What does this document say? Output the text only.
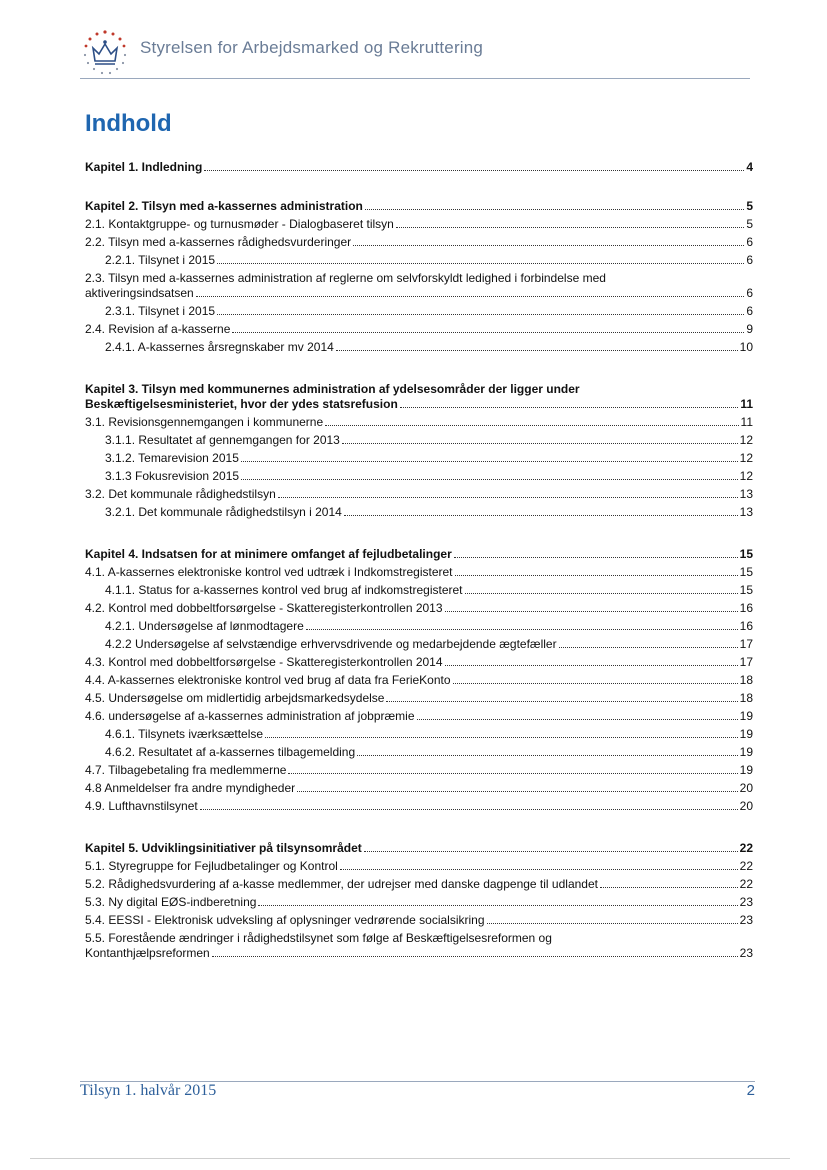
Styrelsen for Arbejdsmarked og Rekruttering
Indhold
Kapitel 1. Indledning	4
Kapitel 2. Tilsyn med a-kassernes administration	5
2.1. Kontaktgruppe- og turnusmøder - Dialogbaseret tilsyn	5
2.2. Tilsyn med a-kassernes rådighedsvurderinger	6
2.2.1. Tilsynet i 2015	6
2.3. Tilsyn med a-kassernes administration af reglerne om selvforskyldt ledighed i forbindelse med
aktiveringsindsatsen	6
2.3.1. Tilsynet i 2015	6
2.4. Revision af a-kasserne	9
2.4.1. A-kassernes årsregnskaber mv 2014	10
Kapitel 3. Tilsyn med kommunernes administration af ydelsesområder der ligger under
Beskæftigelsesministeriet, hvor der ydes statsrefusion	11
3.1. Revisionsgennemgangen i kommunerne	11
3.1.1. Resultatet af gennemgangen for 2013	12
3.1.2. Temarevision 2015	12
3.1.3 Fokusrevision 2015	12
3.2. Det kommunale rådighedstilsyn	13
3.2.1. Det kommunale rådighedstilsyn i 2014	13
Kapitel 4. Indsatsen for at minimere omfanget af fejludbetalinger	15
4.1. A-kassernes elektroniske kontrol ved udtræk i Indkomstregisteret	15
4.1.1. Status for a-kassernes kontrol ved brug af indkomstregisteret	15
4.2. Kontrol med dobbeltforsørgelse - Skatteregisterkontrollen 2013	16
4.2.1. Undersøgelse af lønmodtagere	16
4.2.2 Undersøgelse af selvstændige erhvervsdrivende og medarbejdende ægtefæller	17
4.3. Kontrol med dobbeltforsørgelse - Skatteregisterkontrollen 2014	17
4.4. A-kassernes elektroniske kontrol ved brug af data fra FerieKonto	18
4.5. Undersøgelse om midlertidig arbejdsmarkedsydelse	18
4.6. undersøgelse af a-kassernes administration af jobpræmie	19
4.6.1. Tilsynets iværksættelse	19
4.6.2. Resultatet af a-kassernes tilbagemelding	19
4.7. Tilbagebetaling fra medlemmerne	19
4.8 Anmeldelser fra andre myndigheder	20
4.9. Lufthavnstilsynet	20
Kapitel 5. Udviklingsinitiativer på tilsynsområdet	22
5.1. Styregruppe for Fejludbetalinger og Kontrol	22
5.2. Rådighedsvurdering af a-kasse medlemmer, der udrejser med danske dagpenge til udlandet	22
5.3. Ny digital EØS-indberetning	23
5.4. EESSI - Elektronisk udveksling af oplysninger vedrørende socialsikring	23
5.5. Forestående ændringer i rådighedstilsynet som følge af Beskæftigelsesreformen og
Kontanthjælpsreformen	23
Tilsyn 1. halvår 2015	2
